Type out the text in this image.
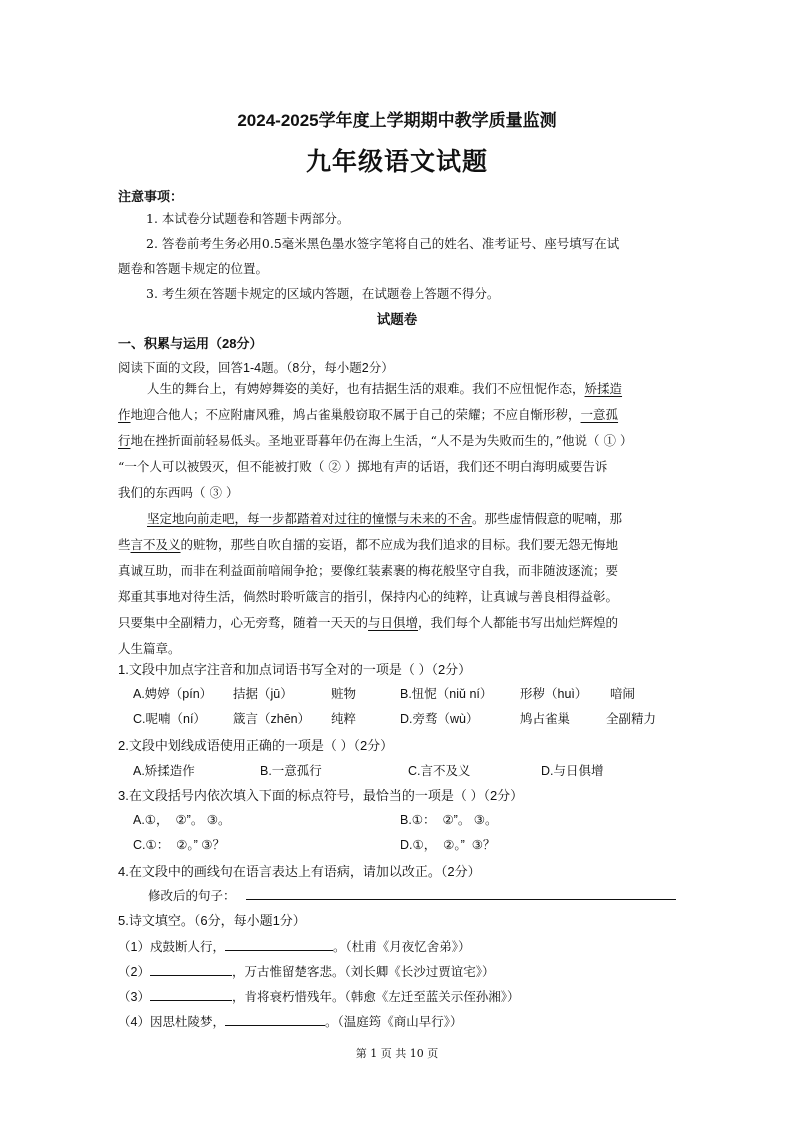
2024-2025学年度上学期期中教学质量监测
九年级语文试题
注意事项：
1. 本试卷分试题卷和答题卡两部分。
2. 答卷前考生务必用0.5毫米黑色墨水签字笔将自己的姓名、准考证号、座号填写在试
题卷和答题卡规定的位置。
3. 考生须在答题卡规定的区域内答题，在试题卷上答题不得分。
试题卷
一、积累与运用（28分）
阅读下面的文段，回答1-4题。（8分，每小题2分）
人生的舞台上，有娉婷舞姿的美好，也有拮据生活的艰难。我们不应忸怩作态，矫揉造
作地迎合他人；不应附庸风雅，鸠占雀巢般窃取不属于自己的荣耀；不应自惭形秽，一意孤
行地在挫折面前轻易低头。圣地亚哥暮年仍在海上生活，“人不是为失败而生的，”他说（ ① ）
“一个人可以被毁灭，但不能被打败（ ② ）掷地有声的话语，我们还不明白海明威要告诉
我们的东西吗（ ③ ）
坚定地向前走吧，每一步都踏着对过往的憧憬与未来的不舍。那些虚情假意的呢喃，那
些言不及义的赃物，那些自吹自擂的妄语，都不应成为我们追求的目标。我们要无怨无悔地
真诚互助，而非在利益面前喑闹争抢；要像红装素裹的梅花般坚守自我，而非随波逐流；要
郑重其事地对待生活，倘然时聆听箴言的指引，保持内心的纯粹，让真诚与善良相得益彰。
只要集中全副精力，心无旁骛，随着一天天的与日俱增，我们每个人都能书写出灿烂辉煌的
人生篇章。
1.文段中加点字注音和加点词语书写全对的一项是（ ）（2分）
A.娉婷（pín） 拮据（jū）	赃物	B.忸怩（niǔ ní） 形秽（huì） 喑闹
C.呢喃（ní） 箴言（zhēn） 纯粹	D.旁骛（wù）	鸠占雀巢	全副精力
2.文段中划线成语使用正确的一项是（ ）（2分）
A.矫揉造作	B.一意孤行	C.言不及义	D.与日俱增
3.在文段括号内依次填入下面的标点符号，最恰当的一项是（ ）（2分）
A.①，  ②”。 ③。	B.①：  ②”。 ③。
C.①：  ②。” ③？	D.①，  ②。”  ③？
4.在文段中的画线句在语言表达上有语病，请加以改正。（2分）
修改后的句子：
5.诗文填空。（6分，每小题1分）
（1）戍鼓断人行，	。（杜甫《月夜忆舍弟》）
（2）	，万古惟留楚客悲。（刘长卿《长沙过贾谊宅》）
（3）	，肯将衰朽惜残年。（韩愈《左迁至蓝关示侄孙湘》）
（4）因思杜陵梦，	。（温庭筠《商山早行》）
第 1 页 共 10 页
